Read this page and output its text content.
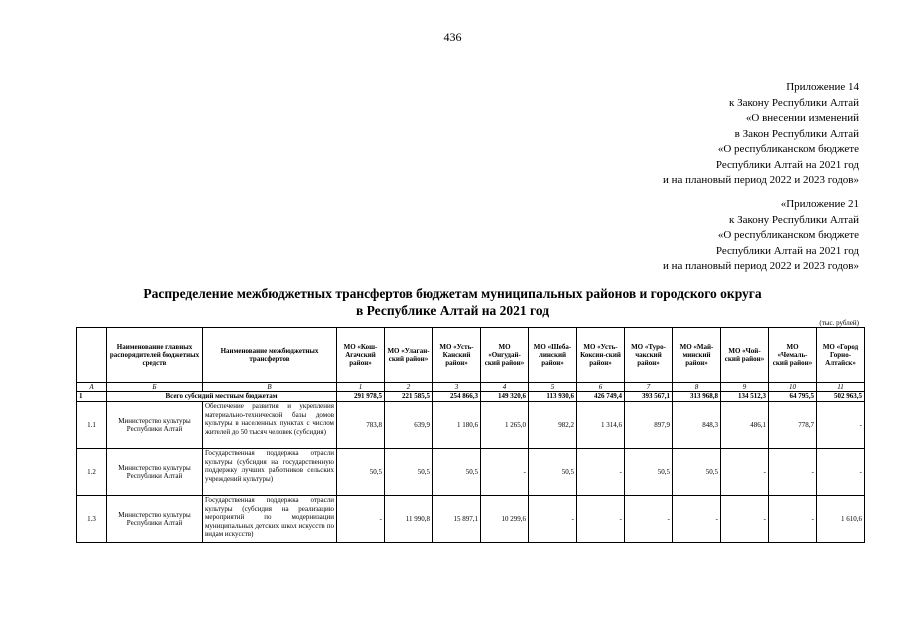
436
Приложение 14
к Закону Республики Алтай
«О внесении изменений
в Закон Республики Алтай
«О республиканском бюджете
Республики Алтай на 2021 год
и на плановый период 2022 и 2023 годов»
«Приложение 21
к Закону Республики Алтай
«О республиканском бюджете
Республики Алтай на 2021 год
и на плановый период 2022 и 2023 годов»
Распределение межбюджетных трансфертов бюджетам муниципальных районов и городского округа
в Республике Алтай на 2021 год
(тыс. рублей)
	Наименование главных распорядителей бюджетных средств	Наименование межбюджетных трансфертов	МО «Кош-Агачский район»	МО «Улаган-ский район»	МО «Усть-Канский район»	МО «Онгудай-ский район»	МО «Шеба-линский район»	МО «Усть-Коксин-ский район»	МО «Туро-чакский район»	МО «Май-минский район»	МО «Чой-ский район»	МО «Чемаль-ский район»	МО «Город Горно-Алтайск»
А	Б	В	1	2	3	4	5	6	7	8	9	10	11
1	Всего субсидий местным бюджетам		291 978,5	221 585,5	254 866,3	149 320,6	113 930,6	426 749,4	393 567,1	313 968,8	134 512,3	64 795,5	502 963,5
1.1	Министерство культуры Республики Алтай	Обеспечение развития и укрепления материально-технической базы домов культуры в населенных пунктах с числом жителей до 50 тысяч человек (субсидия)	783,8	639,9	1 180,6	1 265,0	982,2	1 314,6	897,9	848,3	486,1	778,7	-
1.2	Министерство культуры Республики Алтай	Государственная поддержка отрасли культуры (субсидия на государственную поддержку лучших работников сельских учреждений культуры)	50,5	50,5	50,5	-	50,5	-	50,5	50,5	-	-	-
1.3	Министерство культуры Республики Алтай	Государственная поддержка отрасли культуры (субсидия на реализацию мероприятий по модернизации муниципальных детских школ искусств по видам искусств)	-	11 990,8	15 897,1	10 299,6	-	-	-	-	-	-	1 610,6
